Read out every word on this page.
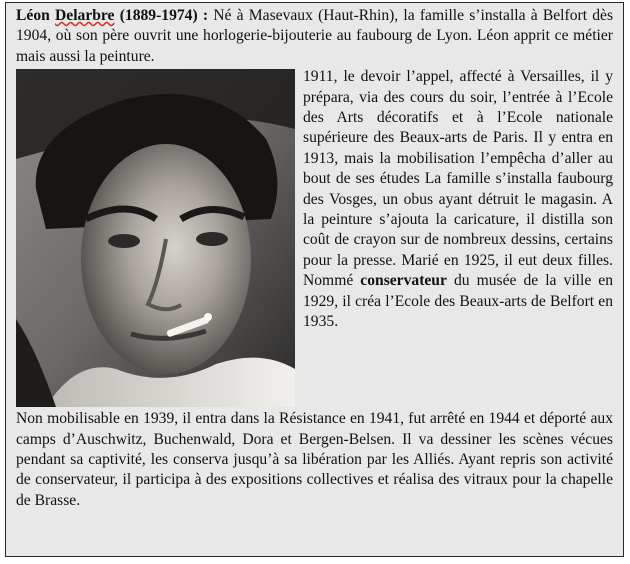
Léon Delarbre (1889-1974) : Né à Masevaux (Haut-Rhin), la famille s’installa à Belfort dès 1904, où son père ouvrit une horlogerie-bijouterie au faubourg de Lyon. Léon apprit ce métier mais aussi la peinture.

1911, le devoir l’appel, affecté à Versailles, il y prépara, via des cours du soir, l’entrée à l’Ecole des Arts décoratifs et à l’Ecole nationale supérieure des Beaux-arts de Paris. Il y entra en 1913, mais la mobilisation l’empêcha d’aller au bout de ses études La famille s’installa faubourg des Vosges, un obus ayant détruit le magasin. A la peinture s’ajouta la caricature, il distilla son coût de crayon sur de nombreux dessins, certains pour la presse. Marié en 1925, il eut deux filles. Nommé conservateur du musée de la ville en 1929, il créa l’Ecole des Beaux-arts de Belfort en 1935.

Non mobilisable en 1939, il entra dans la Résistance en 1941, fut arrêté en 1944 et déporté aux camps d’Auschwitz, Buchenwald, Dora et Bergen-Belsen. Il va dessiner les scènes vécues pendant sa captivité, les conserva jusqu’à sa libération par les Alliés. Ayant repris son activité de conservateur, il participa à des expositions collectives et réalisa des vitraux pour la chapelle de Brasse.
